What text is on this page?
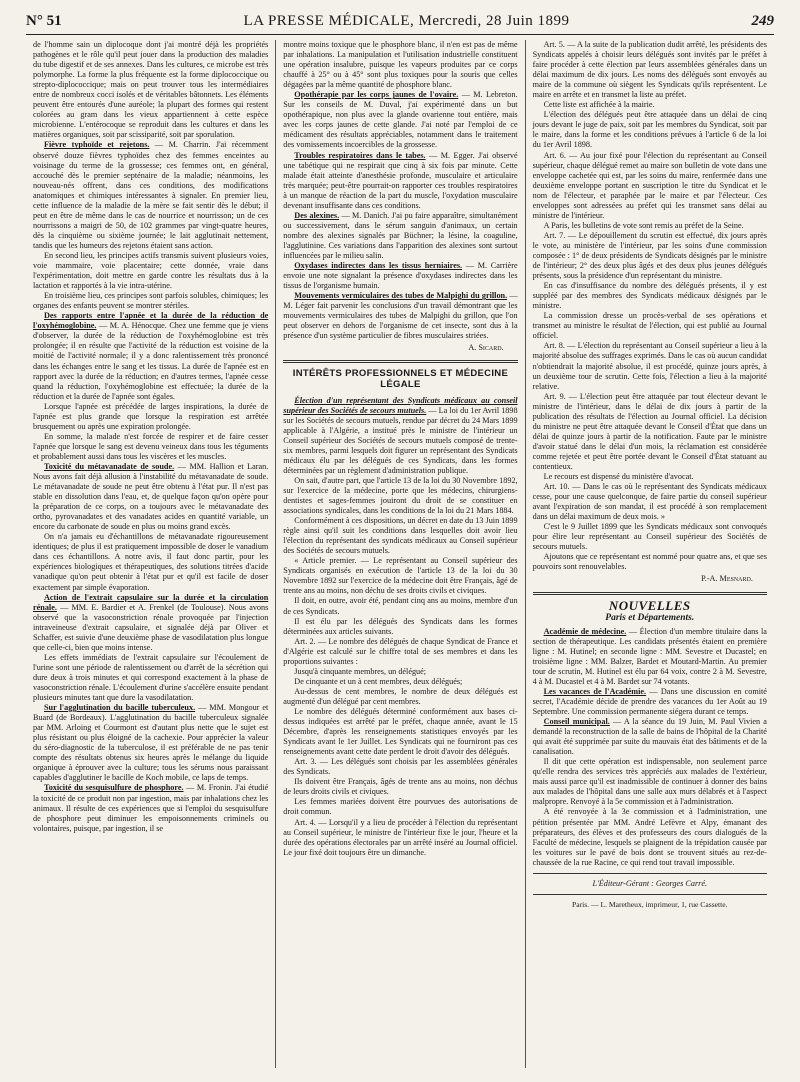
N° 51	LA PRESSE MÉDICALE, Mercredi, 28 Juin 1899	249

de l'homme sain un diplocoque dont j'ai montré déjà les propriétés pathogènes et le rôle qu'il peut jouer dans la production des maladies du tube digestif et de ses annexes. Dans les cultures, ce microbe est très polymorphe. La forme la plus fréquente est la forme diplococcique ou strepto-diplococcique; mais on peut trouver tous les intermédiaires entre de nombreux cocci isolés et de véritables bâtonnets. Les éléments peuvent être entourés d'une auréole; la plupart des formes qui restent colorées au gram dans les vieux appartiennent à cette espèce microbienne. L'entérocoque se reproduit dans les cultures et dans les matières organiques, soit par scissiparité, soit par sporulation.

Fièvre typhoïde et rejetons. — M. Charrin. J'ai récemment observé douze fièvres typhoïdes chez des femmes enceintes au voisinage du terme de la grossesse; ces femmes ont, en général, accouché dès le premier septénaire de la maladie; néanmoins, les nouveau-nés offrent, dans ces conditions, des modifications anatomiques et chimiques intéressantes à signaler. En premier lieu, cette influence de la maladie de la mère se fait sentir dès le début; il peut en être de même dans le cas de nourrice et nourrisson; un de ces nourrissons a maigri de 50, de 102 grammes par vingt-quatre heures, dès la cinquième ou sixième journée; le lait agglutinait nettement, tandis que les humeurs des rejetons étaient sans action.

En second lieu, les principes actifs transmis suivent plusieurs voies, voie mammaire, voie placentaire; cette donnée, vraie dans l'expérimentation, doit mettre en garde contre les résultats dus à la lactation et rapportés à la vie intra-utérine.

En troisième lieu, ces principes sont parfois solubles, chimiques; les organes des enfants peuvent se montrer stériles.

Des rapports entre l'apnée et la durée de la réduction de l'oxyhémoglobine. — M. A. Hénocque. Chez une femme que je viens d'observer, la durée de la réduction de l'oxyhémoglobine est très prolongée; il en résulte que l'activité de la réduction est voisine de la moitié de l'activité normale; il y a donc ralentissement très prononcé dans les échanges entre le sang et les tissus. La durée de l'apnée est en rapport avec la durée de la réduction; en d'autres termes, l'apnée cesse quand la réduction, l'oxyhémoglobine est effectuée; la durée de la réduction et la durée de l'apnée sont égales.

Lorsque l'apnée est précédée de larges inspirations, la durée de l'apnée est plus grande que lorsque la respiration est arrêtée brusquement ou après une expiration prolongée.

En somme, la malade n'est forcée de respirer et de faire cesser l'apnée que lorsque le sang est devenu veineux dans tous les téguments et probablement aussi dans tous les viscères et les muscles.

Toxicité du métavanadate de soude. — MM. Hallion et Laran. Nous avons fait déjà allusion à l'instabilité du métavanadate de soude. Le métavanadate de soude ne peut être obtenu à l'état pur. Il n'est pas stable en dissolution dans l'eau, et, de quelque façon qu'on opère pour la préparation de ce corps, on a toujours avec le métavanadate des ortho, pyrovanadates et des vanadates acides en quantité variable, un encore du carbonate de soude en plus ou moins grand excès.

On n'a jamais eu d'échantillons de métavanadate rigoureusement identiques; de plus il est pratiquement impossible de doser le vanadium dans ces échantillons. A notre avis, il faut donc partir, pour les expériences biologiques et thérapeutiques, des solutions titrées d'acide vanadique qu'on peut obtenir à l'état pur et qu'il est facile de doser exactement par simple évaporation.

Action de l'extrait capsulaire sur la durée et la circulation rénale. — MM. E. Bardier et A. Frenkel (de Toulouse). Nous avons observé que la vasoconstriction rénale provoquée par l'injection intraveineuse d'extrait capsulaire, et signalée déjà par Oliver et Schaffer, est suivie d'une deuxième phase de vasodilatation plus longue que celle-ci, bien que moins intense.

Les effets immédiats de l'extrait capsulaire sur l'écoulement de l'urine sont une période de ralentissement ou d'arrêt de la sécrétion qui dure deux à trois minutes et qui correspond exactement à la phase de vasoconstriction rénale. L'écoulement d'urine s'accélère ensuite pendant plusieurs minutes tant que dure la vasodilatation.

Sur l'agglutination du bacille tuberculeux. — MM. Mongour et Buard (de Bordeaux). L'agglutination du bacille tuberculeux signalée par MM. Arloing et Courmont est d'autant plus nette que le sujet est plus résistant ou plus éloigné de la cachexie. Pour apprécier la valeur du séro-diagnostic de la tuberculose, il est préférable de ne pas tenir compte des résultats obtenus six heures après le mélange du liquide organique à éprouver avec la culture; tous les sérums nous paraissant capables d'agglutiner le bacille de Koch mobile, ce laps de temps.

Toxicité du sesquisulfure de phosphore. — M. Fronin. J'ai étudié la toxicité de ce produit non par ingestion, mais par inhalations chez les animaux. Il résulte de ces expériences que si l'emploi du sesquisulfure de phosphore peut diminuer les empoisonnements criminels ou volontaires, puisque, par ingestion, il se

montre moins toxique que le phosphore blanc, il n'en est pas de même par inhalations. La manipulation et l'utilisation industrielle constituent une opération insalubre, puisque les vapeurs produites par ce corps chauffé à 25° ou à 45° sont plus toxiques pour la souris que celles dégagées par la même quantité de phosphore blanc.

Opothérapie par les corps jaunes de l'ovaire. — M. Lebreton. Sur les conseils de M. Duval, j'ai expérimenté dans un but opothérapique, non plus avec la glande ovarienne tout entière, mais avec les corps jaunes de cette glande. J'ai noté par l'emploi de ce médicament des résultats appréciables, notamment dans le traitement des vomissements incoercibles de la grossesse.

Troubles respiratoires dans le tabes. — M. Egger. J'ai observé une tabétique qui ne respirait que cinq à six fois par minute. Cette malade était atteinte d'anesthésie profonde, musculaire et articulaire très marquée; peut-être pourrait-on rapporter ces troubles respiratoires à un manque de réaction de la part du muscle, l'oxydation musculaire devenant insuffisante dans ces conditions.

Des alexines. — M. Danich. J'ai pu faire apparaître, simultanément ou successivement, dans le sérum sanguin d'animaux, un certain nombre des alexines signalés par Büchner; la lésine, la coaguline, l'agglutinine. Ces variations dans l'apparition des alexines sont surtout influencées par le milieu salin.

Oxydases indirectes dans les tissus herniaires. — M. Carrière envoie une note signalant la présence d'oxydases indirectes dans les tissus de l'organisme humain.

Mouvements vermiculaires des tubes de Malpighi du grillon. — M. Léger fait parvenir les conclusions d'un travail démontrant que les mouvements vermiculaires des tubes de Malpighi du grillon, que l'on peut observer en dehors de l'organisme de cet insecte, sont dus à la présence d'un système particulier de fibres musculaires striées.

A. Sicard.
INTÉRÊTS PROFESSIONNELS ET MÉDECINE LÉGALE

Élection d'un représentant des Syndicats médicaux au conseil supérieur des Sociétés de secours mutuels. — La loi du 1er Avril 1898 sur les Sociétés de secours mutuels, rendue par décret du 24 Mars 1899 applicable à l'Algérie, a institué près le ministre de l'intérieur un Conseil supérieur des Sociétés de secours mutuels composé de trente-six membres, parmi lesquels doit figurer un représentant des Syndicats médicaux élu par les délégués de ces Syndicats, dans les formes déterminées par un règlement d'administration publique.

On sait, d'autre part, que l'article 13 de la loi du 30 Novembre 1892, sur l'exercice de la médecine, porte que les médecins, chirurgiens-dentistes et sages-femmes jouiront du droit de se constituer en associations syndicales, dans les conditions de la loi du 21 Mars 1884.

Conformément à ces dispositions, un décret en date du 13 Juin 1899 règle ainsi qu'il suit les conditions dans lesquelles doit avoir lieu l'élection du représentant des syndicats médicaux au Conseil supérieur des Sociétés de secours mutuels.

« Article premier. — Le représentant au Conseil supérieur des Syndicats organisés en exécution de l'article 13 de la loi du 30 Novembre 1892 sur l'exercice de la médecine doit être Français, âgé de trente ans au moins, non déchu de ses droits civils et civiques.

Il doit, en outre, avoir été, pendant cinq ans au moins, membre d'un de ces Syndicats.

Il est élu par les délégués des Syndicats dans les formes déterminées aux articles suivants.

Art. 2. — Le nombre des délégués de chaque Syndicat de France et d'Algérie est calculé sur le chiffre total de ses membres et dans les proportions suivantes :

Jusqu'à cinquante membres, un délégué;

De cinquante et un à cent membres, deux délégués;

Au-dessus de cent membres, le nombre de deux délégués est augmenté d'un délégué par cent membres.

Le nombre des délégués déterminé conformément aux bases ci-dessus indiquées est arrêté par le préfet, chaque année, avant le 15 Décembre, d'après les renseignements statistiques envoyés par les Syndicats avant le 1er Juillet. Les Syndicats qui ne fourniront pas ces renseignements avant cette date perdent le droit d'avoir des délégués.

Art. 3. — Les délégués sont choisis par les assemblées générales des Syndicats.

Ils doivent être Français, âgés de trente ans au moins, non déchus de leurs droits civils et civiques.

Les femmes mariées doivent être pourvues des autorisations de droit commun.

Art. 4. — Lorsqu'il y a lieu de procéder à l'élection du représentant au Conseil supérieur, le ministre de l'intérieur fixe le jour, l'heure et la durée des opérations électorales par un arrêté inséré au Journal officiel. Le jour fixé doit toujours être un dimanche.

Art. 5. — A la suite de la publication dudit arrêté, les présidents des Syndicats appelés à choisir leurs délégués sont invités par le préfet à faire procéder à cette élection par leurs assemblées générales dans un délai maximum de dix jours. Les noms des délégués sont envoyés au maire de la commune où siègent les Syndicats qu'ils représentent. Le maire en arrête et en transmet la liste au préfet.

Cette liste est affichée à la mairie.

L'élection des délégués peut être attaquée dans un délai de cinq jours devant le juge de paix, soit par les membres du Syndicat, soit par le maire, dans la forme et les conditions prévues à l'article 6 de la loi du 1er Avril 1898.

Art. 6. — Au jour fixé pour l'élection du représentant au Conseil supérieur, chaque délégué remet au maire son bulletin de vote dans une enveloppe cachetée qui est, par les soins du maire, renfermée dans une deuxième enveloppe portant en suscription le titre du Syndicat et le nom de l'électeur, et paraphée par le maire et par l'électeur. Ces enveloppes sont adressées au préfet qui les transmet sans délai au ministre de l'intérieur.

A Paris, les bulletins de vote sont remis au préfet de la Seine.

Art. 7. — Le dépouillement du scrutin est effectué, dix jours après le vote, au ministère de l'intérieur, par les soins d'une commission composée : 1° de deux présidents de Syndicats désignés par le ministre de l'intérieur; 2° des deux plus âgés et des deux plus jeunes délégués présents, sous la présidence d'un représentant du ministre.

En cas d'insuffisance du nombre des délégués présents, il y est suppléé par des membres des Syndicats médicaux désignés par le ministre.

La commission dresse un procès-verbal de ses opérations et transmet au ministre le résultat de l'élection, qui est publié au Journal officiel.

Art. 8. — L'élection du représentant au Conseil supérieur a lieu à la majorité absolue des suffrages exprimés. Dans le cas où aucun candidat n'obtiendrait la majorité absolue, il est procédé, quinze jours après, à un deuxième tour de scrutin. Cette fois, l'élection a lieu à la majorité relative.

Art. 9. — L'élection peut être attaquée par tout électeur devant le ministre de l'intérieur, dans le délai de dix jours à partir de la publication des résultats de l'élection au Journal officiel. La décision du ministre ne peut être attaquée devant le Conseil d'État que dans un délai de quinze jours à partir de la notification. Faute par le ministre d'avoir statué dans le délai d'un mois, la réclamation est considérée comme rejetée et peut être portée devant le Conseil d'État statuant au contentieux.

Le recours est dispensé du ministère d'avocat.

Art. 10. — Dans le cas où le représentant des Syndicats médicaux cesse, pour une cause quelconque, de faire partie du conseil supérieur avant l'expiration de son mandat, il est procédé à son remplacement dans un délai maximum de deux mois. »

C'est le 9 Juillet 1899 que les Syndicats médicaux sont convoqués pour élire leur représentant au Conseil supérieur des Sociétés de secours mutuels.

Ajoutons que ce représentant est nommé pour quatre ans, et que ses pouvoirs sont renouvelables.

P.-A. Mesnard.
NOUVELLES
Paris et Départements.

Académie de médecine. — Élection d'un membre titulaire dans la section de thérapeutique. Les candidats présentés étaient en première ligne : M. Hutinel; en seconde ligne : MM. Sevestre et Ducastel; en troisième ligne : MM. Balzer, Bardet et Moutard-Martin. Au premier tour de scrutin, M. Hutinel est élu par 64 voix, contre 2 à M. Sevestre, 4 à M. Ducastel et 4 à M. Bardet sur 74 votants.

Les vacances de l'Académie. — Dans une discussion en comité secret, l'Académie décide de prendre des vacances du 1er Août au 19 Septembre. Une commission permanente siégera durant ce temps.

Conseil municipal. — A la séance du 19 Juin, M. Paul Vivien a demandé la reconstruction de la salle de bains de l'hôpital de la Charité qui avait été supprimée par suite du mauvais état des bâtiments et de la canalisation.

Il dit que cette opération est indispensable, non seulement parce qu'elle rendra des services très appréciés aux malades de l'extérieur, mais aussi parce qu'il est inadmissible de continuer à donner des bains aux malades de l'hôpital dans une salle aux murs délabrés et à l'aspect malpropre. Renvoyé à la 5e commission et à l'administration.

A été renvoyée à la 3e commission et à l'administration, une pétition présentée par MM. André Lefèvre et Alpy, émanant des préparateurs, des élèves et des professeurs des cours dialogués de la Faculté de médecine, lesquels se plaignent de la trépidation causée par les voitures sur le pavé de bois dont se trouvent situés au rez-de-chaussée de la rue Racine, ce qui rend tout travail impossible.

L'Éditeur-Gérant : Georges Carré.
Paris. — L. Maretheux, imprimeur, 1, rue Cassette.
